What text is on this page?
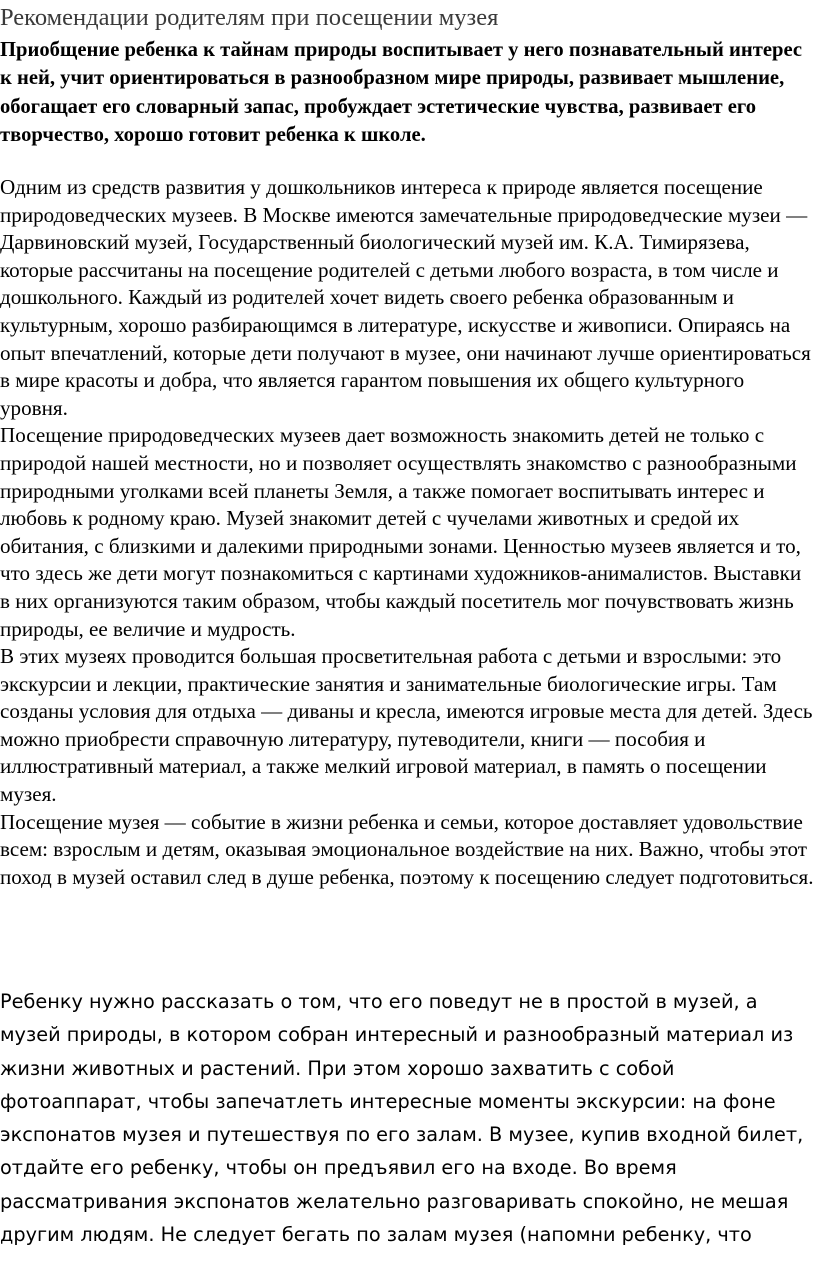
Рекомендации родителям при посещении музея

Приобщение ребенка к тайнам природы воспитывает у него познавательный интерес к ней, учит ориентироваться в разнообразном мире природы, развивает мышление, обогащает его словарный запас, пробуждает эстетические чувства, развивает его творчество, хорошо готовит ребенка к школе.

Одним из средств развития у дошкольников интереса к природе является посещение природоведческих музеев. В Москве имеются замечательные природоведческие музеи — Дарвиновский музей, Государственный биологический музей им. К.А. Тимирязева, которые рассчитаны на посещение родителей с детьми любого возраста, в том числе и дошкольного. Каждый из родителей хочет видеть своего ребенка образованным и культурным, хорошо разбирающимся в литературе, искусстве и живописи. Опираясь на опыт впечатлений, которые дети получают в музее, они начинают лучше ориентироваться в мире красоты и добра, что является гарантом повышения их общего культурного уровня.

Посещение природоведческих музеев дает возможность знакомить детей не только с природой нашей местности, но и позволяет осуществлять знакомство с разнообразными природными уголками всей планеты Земля, а также помогает воспитывать интерес и любовь к родному краю. Музей знакомит детей с чучелами животных и средой их обитания, с близкими и далекими природными зонами. Ценностью музеев является и то, что здесь же дети могут познакомиться с картинами художников-анималистов. Выставки в них организуются таким образом, чтобы каждый посетитель мог почувствовать жизнь природы, ее величие и мудрость.

В этих музеях проводится большая просветительная работа с детьми и взрослыми: это экскурсии и лекции, практические занятия и занимательные биологические игры. Там созданы условия для отдыха — диваны и кресла, имеются игровые места для детей. Здесь можно приобрести справочную литературу, путеводители, книги — пособия и иллюстративный материал, а также мелкий игровой материал, в память о посещении музея.

Посещение музея — событие в жизни ребенка и семьи, которое доставляет удовольствие всем: взрослым и детям, оказывая эмоциональное воздействие на них. Важно, чтобы этот поход в музей оставил след в душе ребенка, поэтому к посещению следует подготовиться.

Ребенку нужно рассказать о том, что его поведут не в простой в музей, а музей природы, в котором собран интересный и разнообразный материал из жизни животных и растений. При этом хорошо захватить с собой фотоаппарат, чтобы запечатлеть интересные моменты экскурсии: на фоне экспонатов музея и путешествуя по его залам. В музее, купив входной билет, отдайте его ребенку, чтобы он предъявил его на входе. Во время рассматривания экспонатов желательно разговаривать спокойно, не мешая другим людям. Не следует бегать по залам музея (напомни ребенку, что
